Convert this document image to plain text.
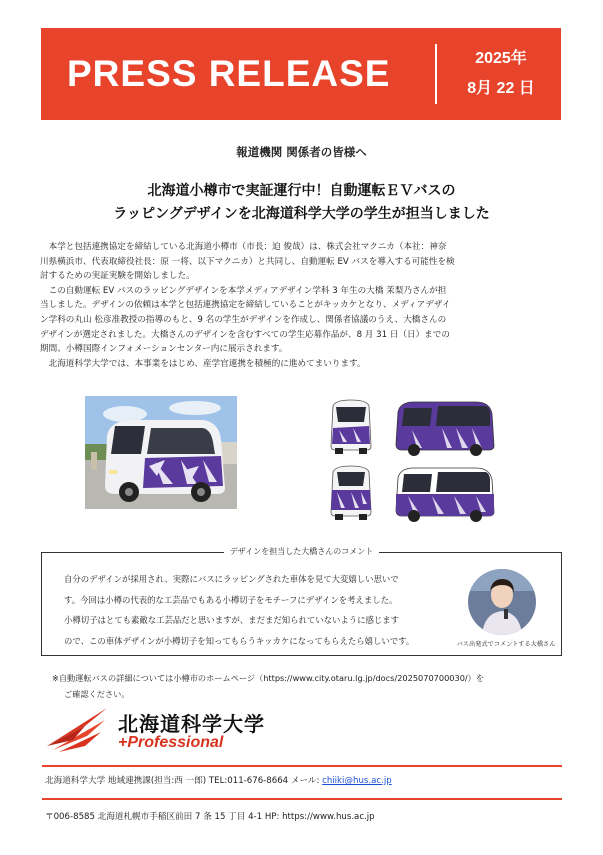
PRESS RELEASE	2025年
8月 22 日
報道機関 関係者の皆様へ
北海道小樽市で実証運行中！自動運転ＥＶバスの
ラッピングデザインを北海道科学大学の学生が担当しました

本学と包括連携協定を締結している北海道小樽市（市長：迫 俊哉）は、株式会社マクニカ（本社：神奈
川県横浜市、代表取締役社長：原 一将、以下マクニカ）と共同し、自動運転 EV バスを導入する可能性を検
討するための実証実験を開始しました。

この自動運転 EV バスのラッピングデザインを本学メディアデザイン学科 3 年生の大橋 茉梨乃さんが担
当しました。デザインの依頼は本学と包括連携協定を締結していることがキッカケとなり、メディアデザイ
ン学科の丸山 松彦准教授の指導のもと、9 名の学生がデザインを作成し、関係者協議のうえ、大橋さんの
デザインが選定されました。大橋さんのデザインを含むすべての学生応募作品が、8 月 31 日（日）までの
期間、小樽国際インフォメーションセンター内に展示されます。

北海道科学大学では、本事業をはじめ、産学官連携を積極的に進めてまいります。

デザインを担当した大橋さんのコメント
自分のデザインが採用され、実際にバスにラッピングされた車体を見て大変嬉しい思いで
す。今回は小樽の代表的な工芸品でもある小樽切子をモチーフにデザインを考えました。
小樽切子はとても素敵な工芸品だと思いますが、まだまだ知られていないように感じます
ので、この車体デザインが小樽切子を知ってもらうキッカケになってもらえたら嬉しいです。	バス出発式でコメントする大橋さん
※自動運転バスの詳細については小樽市のホームページ（https://www.city.otaru.lg.jp/docs/2025070700030/）を
ご確認ください。
北海道科学大学
+Professional
北海道科学大学 地域連携課(担当:西 一郎) TEL:011-676-8664 メール: chiiki@hus.ac.jp
〒006-8585 北海道札幌市手稲区前田 7 条 15 丁目 4-1 HP: https://www.hus.ac.jp
